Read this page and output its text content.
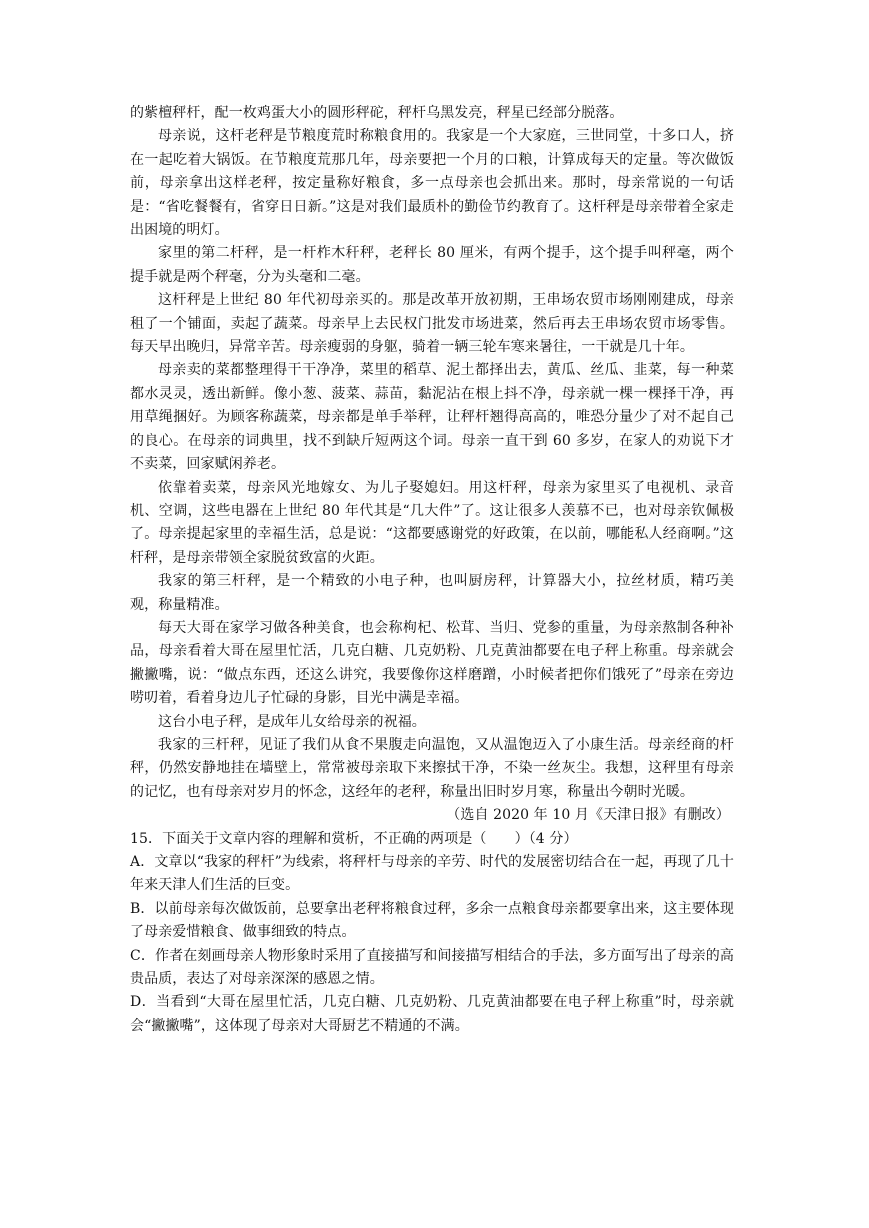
的紫檀秤杆，配一枚鸡蛋大小的圆形秤砣，秤杆乌黑发亮，秤星已经部分脱落。

母亲说，这杆老秤是节粮度荒时称粮食用的。我家是一个大家庭，三世同堂，十多口人，挤在一起吃着大锅饭。在节粮度荒那几年，母亲要把一个月的口粮，计算成每天的定量。等次做饭前，母亲拿出这样老秤，按定量称好粮食，多一点母亲也会抓出来。那时，母亲常说的一句话是：“省吃餐餐有，省穿日日新。”这是对我们最质朴的勤俭节约教育了。这杆秤是母亲带着全家走出困境的明灯。

家里的第二杆秤，是一杆柞木秆秤，老秤长 80 厘米，有两个提手，这个提手叫秤毫，两个提手就是两个秤毫，分为头毫和二毫。

这杆秤是上世纪 80 年代初母亲买的。那是改革开放初期，王串场农贸市场刚刚建成，母亲租了一个铺面，卖起了蔬菜。母亲早上去民权门批发市场进菜，然后再去王串场农贸市场零售。每天早出晚归，异常辛苦。母亲瘦弱的身躯，骑着一辆三轮车寒来暑往，一干就是几十年。

母亲卖的菜都整理得干干净净，菜里的稻草、泥土都择出去，黄瓜、丝瓜、韭菜，每一种菜都水灵灵，透出新鲜。像小葱、菠菜、蒜苗，黏泥沾在根上抖不净，母亲就一棵一棵择干净，再用草绳捆好。为顾客称蔬菜，母亲都是单手举秤，让秤杆翘得高高的，唯恐分量少了对不起自己的良心。在母亲的词典里，找不到缺斤短两这个词。母亲一直干到 60 多岁，在家人的劝说下才不卖菜，回家赋闲养老。

依靠着卖菜，母亲风光地嫁女、为儿子娶媳妇。用这杆秤，母亲为家里买了电视机、录音机、空调，这些电器在上世纪 80 年代其是“几大件”了。这让很多人羡慕不已，也对母亲钦佩极了。母亲提起家里的幸福生活，总是说：“这都要感谢党的好政策，在以前，哪能私人经商啊。”这杆秤，是母亲带领全家脱贫致富的火距。

我家的第三杆秤，是一个精致的小电子种，也叫厨房秤，计算器大小，拉丝材质，精巧美观，称量精准。

每天大哥在家学习做各种美食，也会称枸杞、松茸、当归、党参的重量，为母亲熬制各种补品，母亲看着大哥在屋里忙活，几克白糖、几克奶粉、几克黄油都要在电子秤上称重。母亲就会撇撇嘴，说：“做点东西，还这么讲究，我要像你这样磨蹭，小时候者把你们饿死了”母亲在旁边唠叨着，看着身边儿子忙碌的身影，目光中满是幸福。

这台小电子秤，是成年儿女给母亲的祝福。

我家的三杆秤，见证了我们从食不果腹走向温饱，又从温饱迈入了小康生活。母亲经商的杆秤，仍然安静地挂在墙壁上，常常被母亲取下来擦拭干净，不染一丝灰尘。我想，这秤里有母亲的记忆，也有母亲对岁月的怀念，这经年的老秤，称量出旧时岁月寒，称量出今朝时光暖。

（选自 2020 年 10 月《天津日报》有删改）

15．下面关于文章内容的理解和赏析，不正确的两项是（　　）（4 分）

A．文章以“我家的秤杆”为线索，将秤杆与母亲的辛劳、时代的发展密切结合在一起，再现了几十年来天津人们生活的巨变。

B．以前母亲每次做饭前，总要拿出老秤将粮食过秤，多余一点粮食母亲都要拿出来，这主要体现了母亲爱惜粮食、做事细致的特点。

C．作者在刻画母亲人物形象时采用了直接描写和间接描写相结合的手法，多方面写出了母亲的高贵品质，表达了对母亲深深的感恩之情。

D．当看到“大哥在屋里忙活，几克白糖、几克奶粉、几克黄油都要在电子秤上称重”时，母亲就会“撇撇嘴”，这体现了母亲对大哥厨艺不精通的不满。
